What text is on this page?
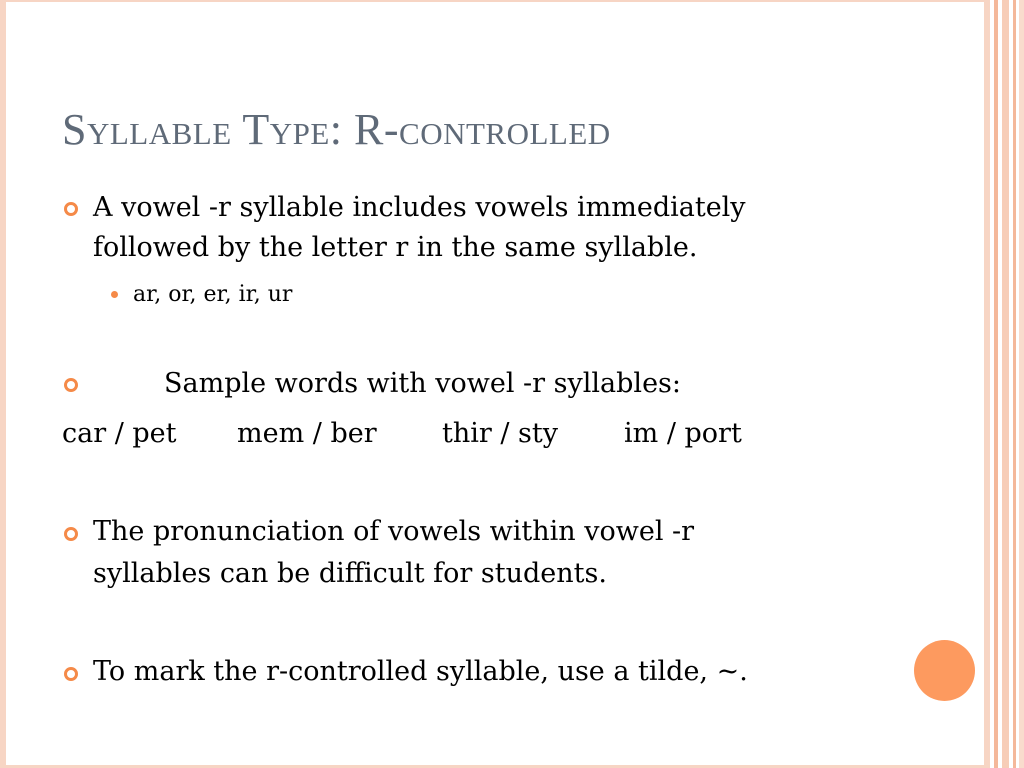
Syllable Type: R-controlled
A vowel -r syllable includes vowels immediately
followed by the letter r in the same syllable.
ar, or, er, ir, ur
Sample words with vowel -r syllables:
car / pet mem / ber thir / sty im / port
The pronunciation of vowels within vowel -r
syllables can be difficult for students.
To mark the r-controlled syllable, use a tilde, ~.
